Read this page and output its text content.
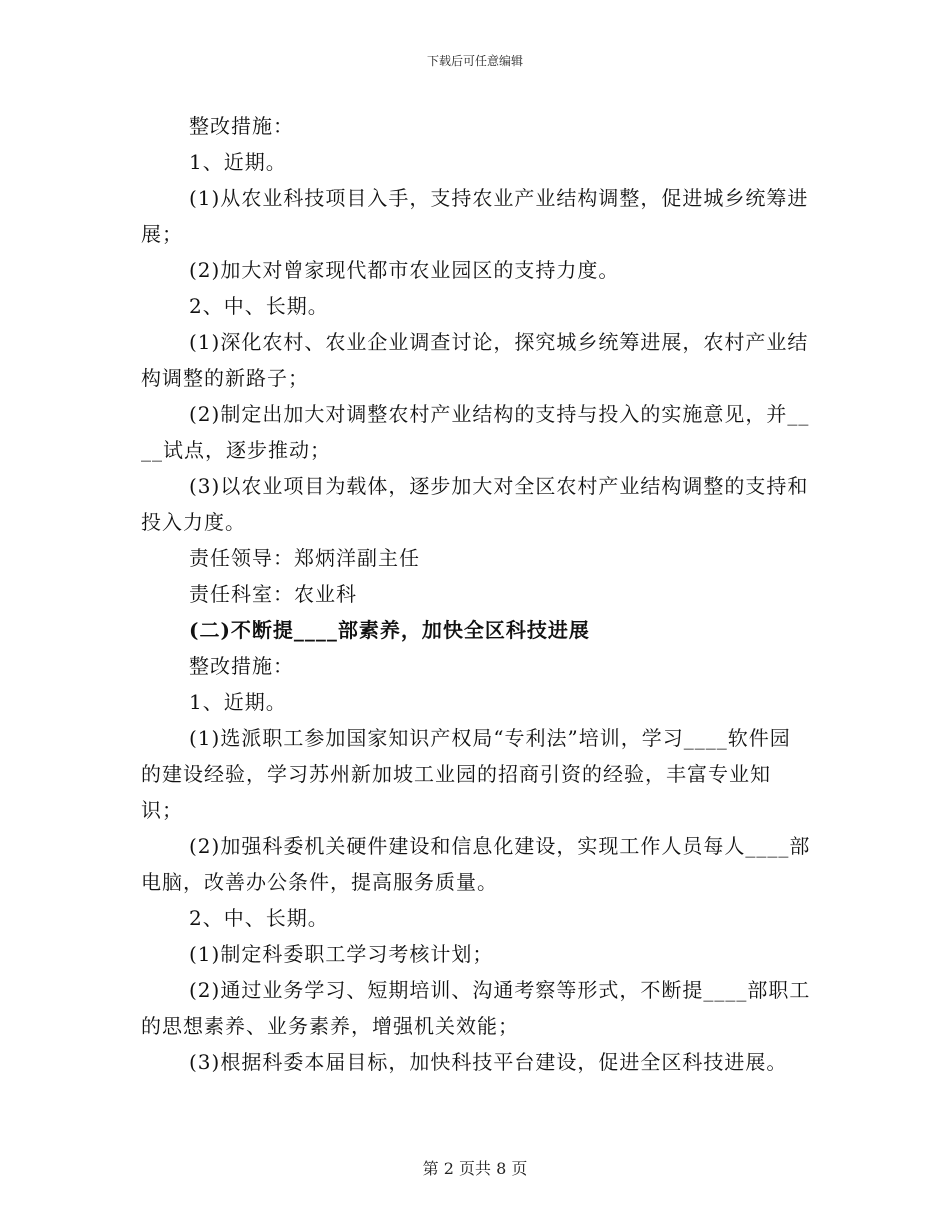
下载后可任意编辑

整改措施：

1、近期。

(1)从农业科技项目入手，支持农业产业结构调整，促进城乡统筹进展；

(2)加大对曾家现代都市农业园区的支持力度。

2、中、长期。

(1)深化农村、农业企业调查讨论，探究城乡统筹进展，农村产业结构调整的新路子；

(2)制定出加大对调整农村产业结构的支持与投入的实施意见，并____试点，逐步推动；

(3)以农业项目为载体，逐步加大对全区农村产业结构调整的支持和投入力度。

责任领导：郑炳洋副主任

责任科室：农业科

(二)不断提____部素养，加快全区科技进展

整改措施：

1、近期。

(1)选派职工参加国家知识产权局“专利法”培训，学习____软件园的建设经验，学习苏州新加坡工业园的招商引资的经验，丰富专业知识；

(2)加强科委机关硬件建设和信息化建设，实现工作人员每人____部电脑，改善办公条件，提高服务质量。

2、中、长期。

(1)制定科委职工学习考核计划；

(2)通过业务学习、短期培训、沟通考察等形式，不断提____部职工的思想素养、业务素养，增强机关效能；

(3)根据科委本届目标，加快科技平台建设，促进全区科技进展。

第 2 页共 8 页
